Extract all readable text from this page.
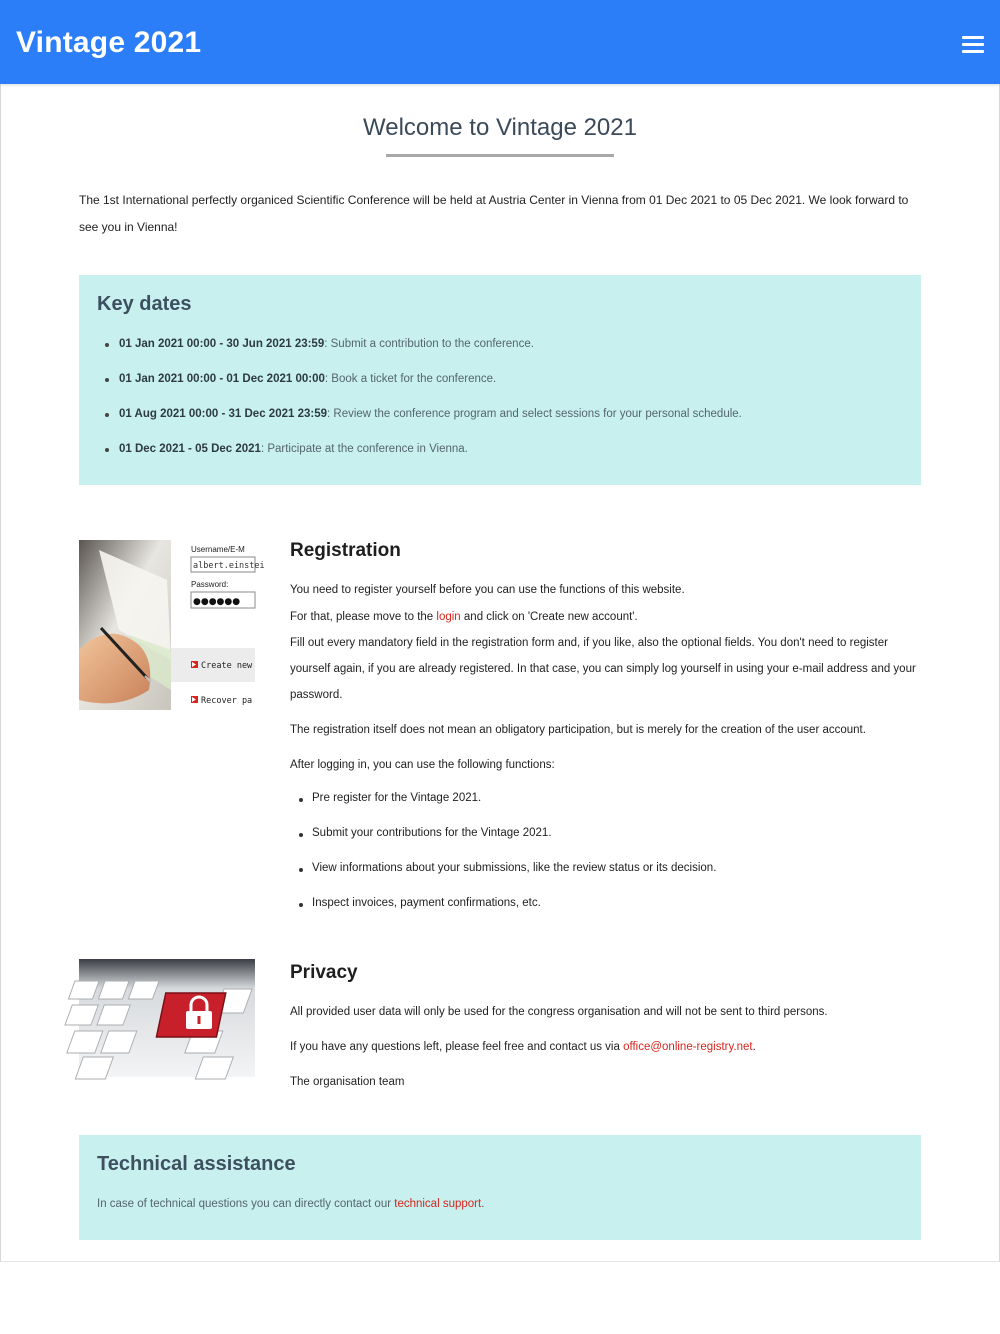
Vintage 2021
Welcome to Vintage 2021
The 1st International perfectly organiced Scientific Conference will be held at Austria Center in Vienna from 01 Dec 2021 to 05 Dec 2021. We look forward to see you in Vienna!
Key dates
01 Jan 2021 00:00 - 30 Jun 2021 23:59: Submit a contribution to the conference.
01 Jan 2021 00:00 - 01 Dec 2021 00:00: Book a ticket for the conference.
01 Aug 2021 00:00 - 31 Dec 2021 23:59: Review the conference program and select sessions for your personal schedule.
01 Dec 2021 - 05 Dec 2021: Participate at the conference in Vienna.
Username/E-M
albert.einstei
Password:
●●●●●●
Create new
Recover pa
Registration
You need to register yourself before you can use the functions of this website.
For that, please move to the login and click on 'Create new account'.
Fill out every mandatory field in the registration form and, if you like, also the optional fields. You don't need to register yourself again, if you are already registered. In that case, you can simply log yourself in using your e-mail address and your password.
The registration itself does not mean an obligatory participation, but is merely for the creation of the user account.
After logging in, you can use the following functions:
Pre register for the Vintage 2021.
Submit your contributions for the Vintage 2021.
View informations about your submissions, like the review status or its decision.
Inspect invoices, payment confirmations, etc.
Privacy
All provided user data will only be used for the congress organisation and will not be sent to third persons.
If you have any questions left, please feel free and contact us via office@online-registry.net.
The organisation team
Technical assistance

In case of technical questions you can directly contact our technical support.
